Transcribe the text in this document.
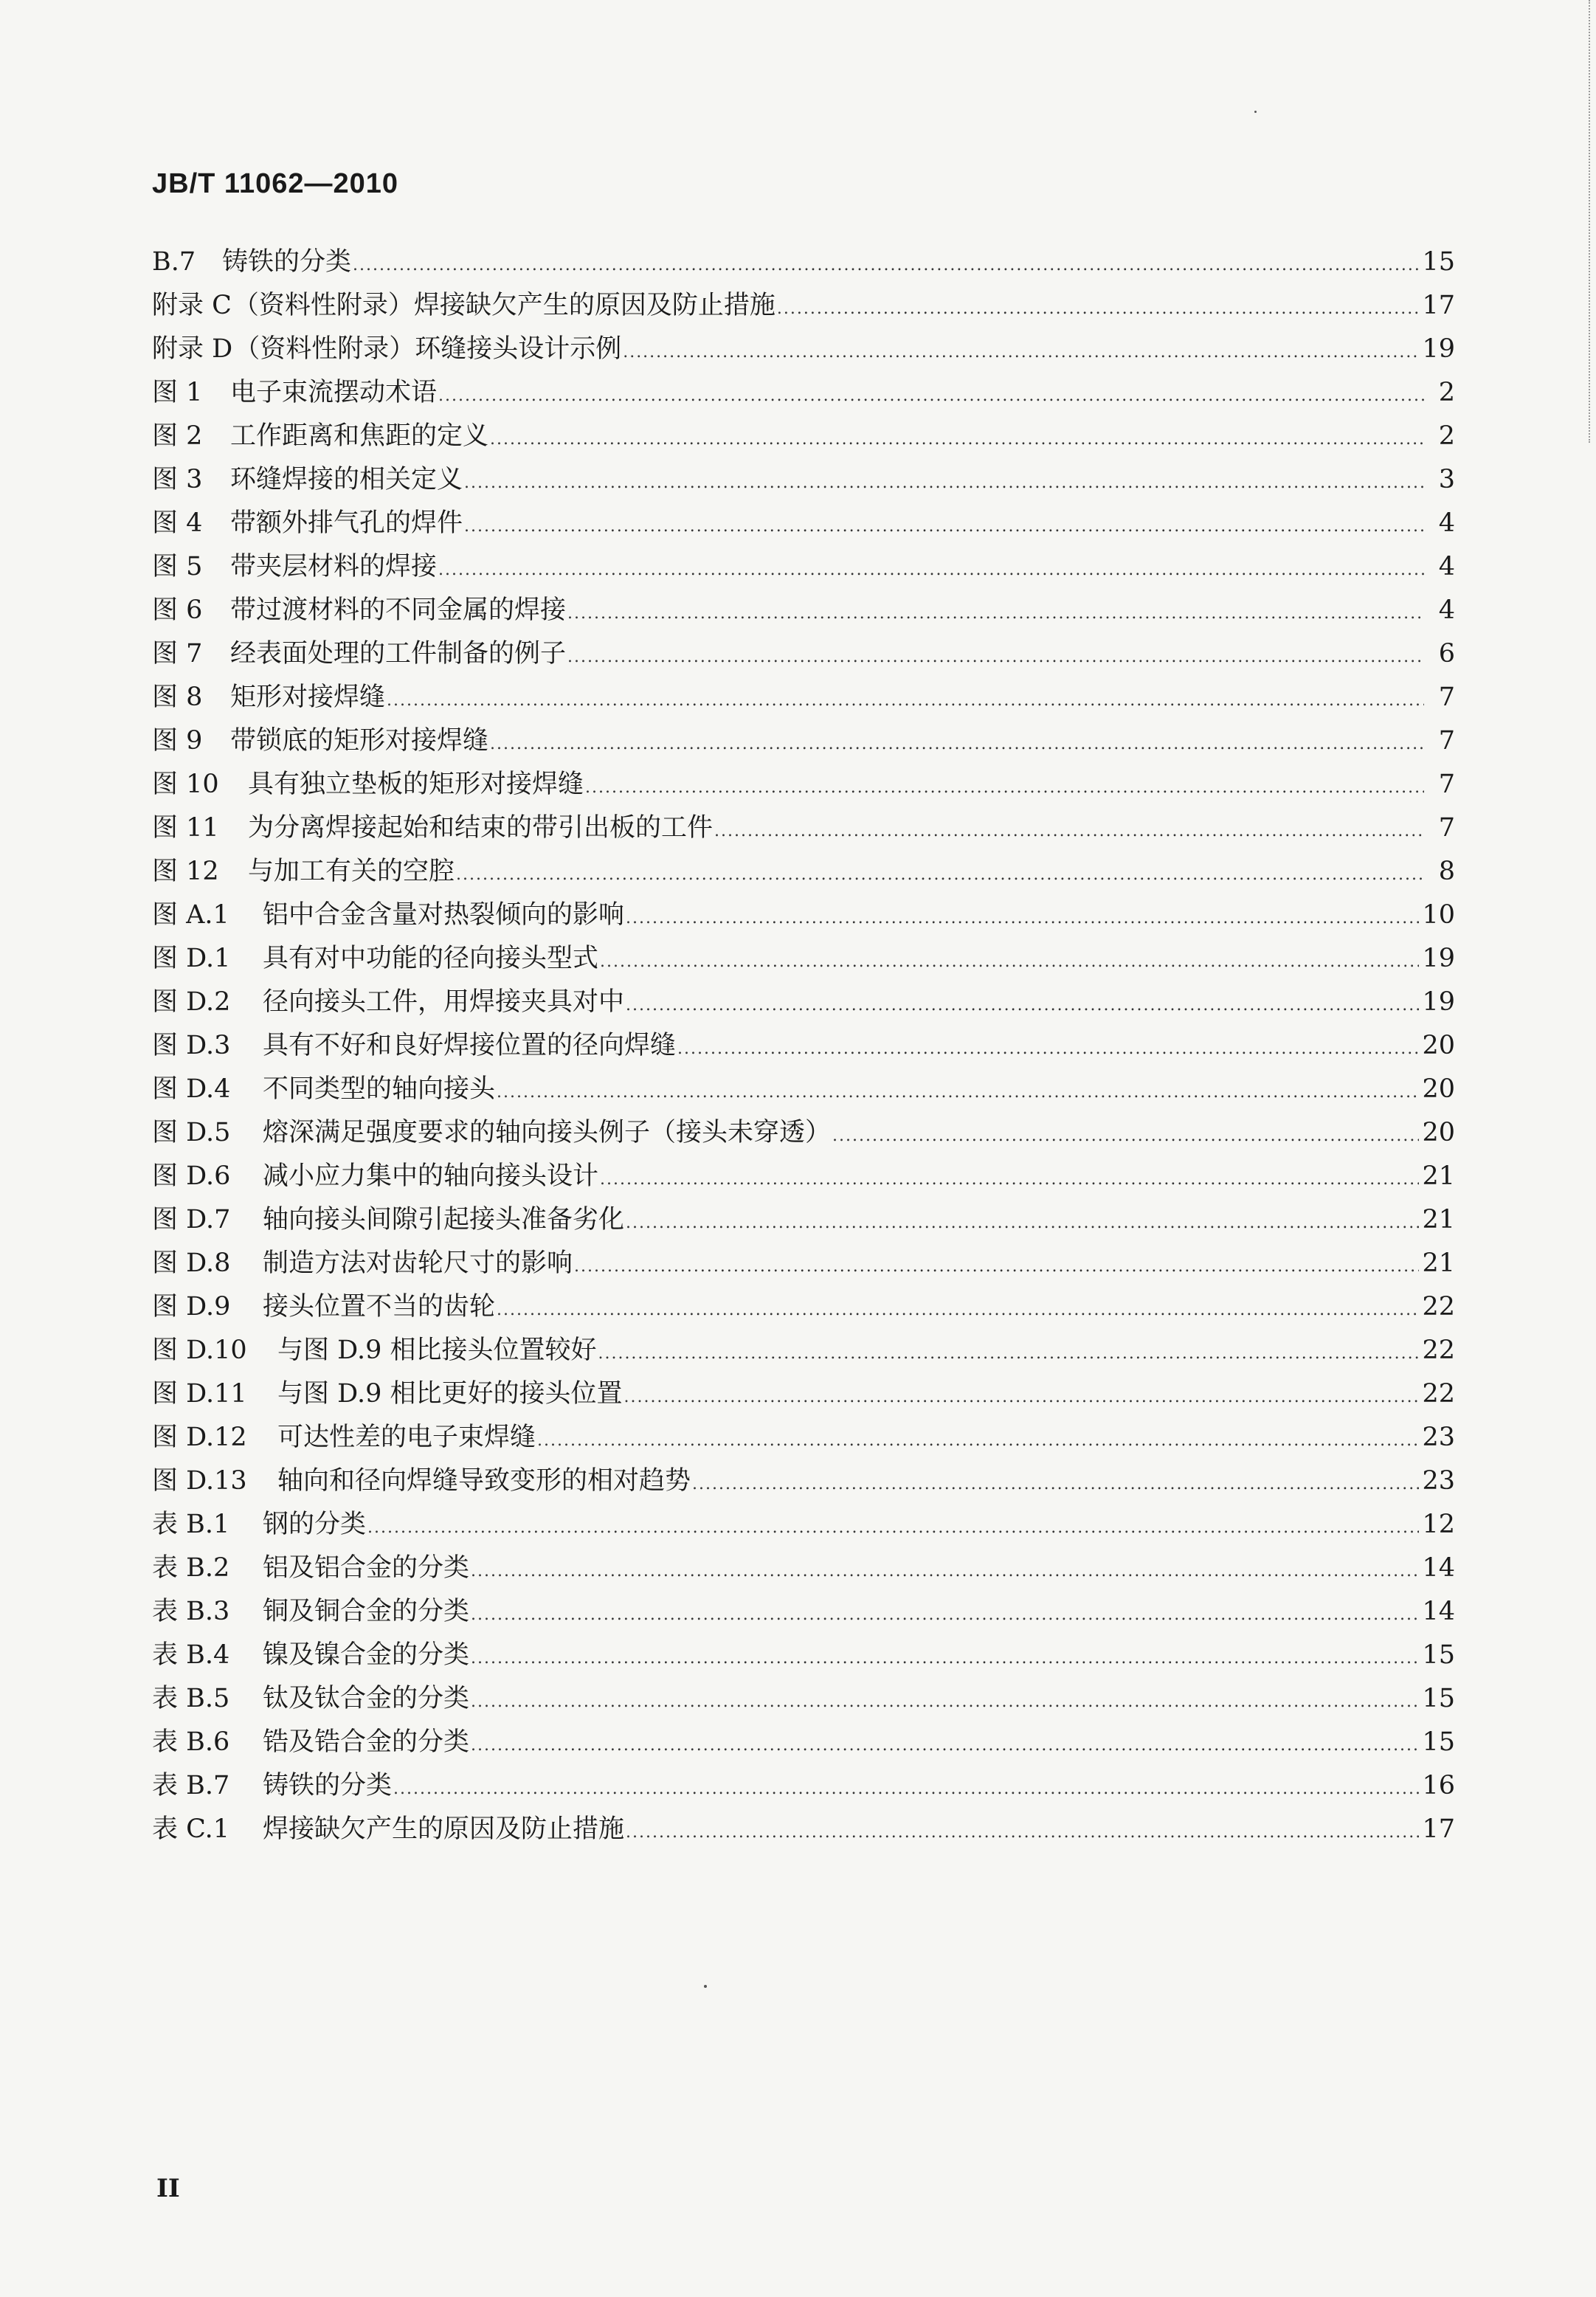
JB/T 11062—2010
B.7	铸铁的分类 .....	15
附录 C （资料性附录）焊接缺欠产生的原因及防止措施 .....	17
附录 D （资料性附录）环缝接头设计示例 .....	19
图 1	电子束流摆动术语 .....	2
图 2	工作距离和焦距的定义 .....	2
图 3	环缝焊接的相关定义 .....	3
图 4	带额外排气孔的焊件 .....	4
图 5	带夹层材料的焊接 .....	4
图 6	带过渡材料的不同金属的焊接 .....	4
图 7	经表面处理的工件制备的例子 .....	6
图 8	矩形对接焊缝 .....	7
图 9	带锁底的矩形对接焊缝 .....	7
图 10	具有独立垫板的矩形对接焊缝 .....	7
图 11	为分离焊接起始和结束的带引出板的工件 .....	7
图 12	与加工有关的空腔 .....	8
图 A.1	铝中合金含量对热裂倾向的影响 .....	10
图 D.1	具有对中功能的径向接头型式 .....	19
图 D.2	径向接头工件，用焊接夹具对中 .....	19
图 D.3	具有不好和良好焊接位置的径向焊缝 .....	20
图 D.4	不同类型的轴向接头 .....	20
图 D.5	熔深满足强度要求的轴向接头例子（接头未穿透） .....	20
图 D.6	减小应力集中的轴向接头设计 .....	21
图 D.7	轴向接头间隙引起接头准备劣化 .....	21
图 D.8	制造方法对齿轮尺寸的影响 .....	21
图 D.9	接头位置不当的齿轮 .....	22
图 D.10	与图 D.9 相比接头位置较好 .....	22
图 D.11	与图 D.9 相比更好的接头位置 .....	22
图 D.12	可达性差的电子束焊缝 .....	23
图 D.13	轴向和径向焊缝导致变形的相对趋势 .....	23
表 B.1	钢的分类 .....	12
表 B.2	铝及铝合金的分类 .....	14
表 B.3	铜及铜合金的分类 .....	14
表 B.4	镍及镍合金的分类 .....	15
表 B.5	钛及钛合金的分类 .....	15
表 B.6	锆及锆合金的分类 .....	15
表 B.7	铸铁的分类 .....	16
表 C.1	焊接缺欠产生的原因及防止措施 .....	17
II
